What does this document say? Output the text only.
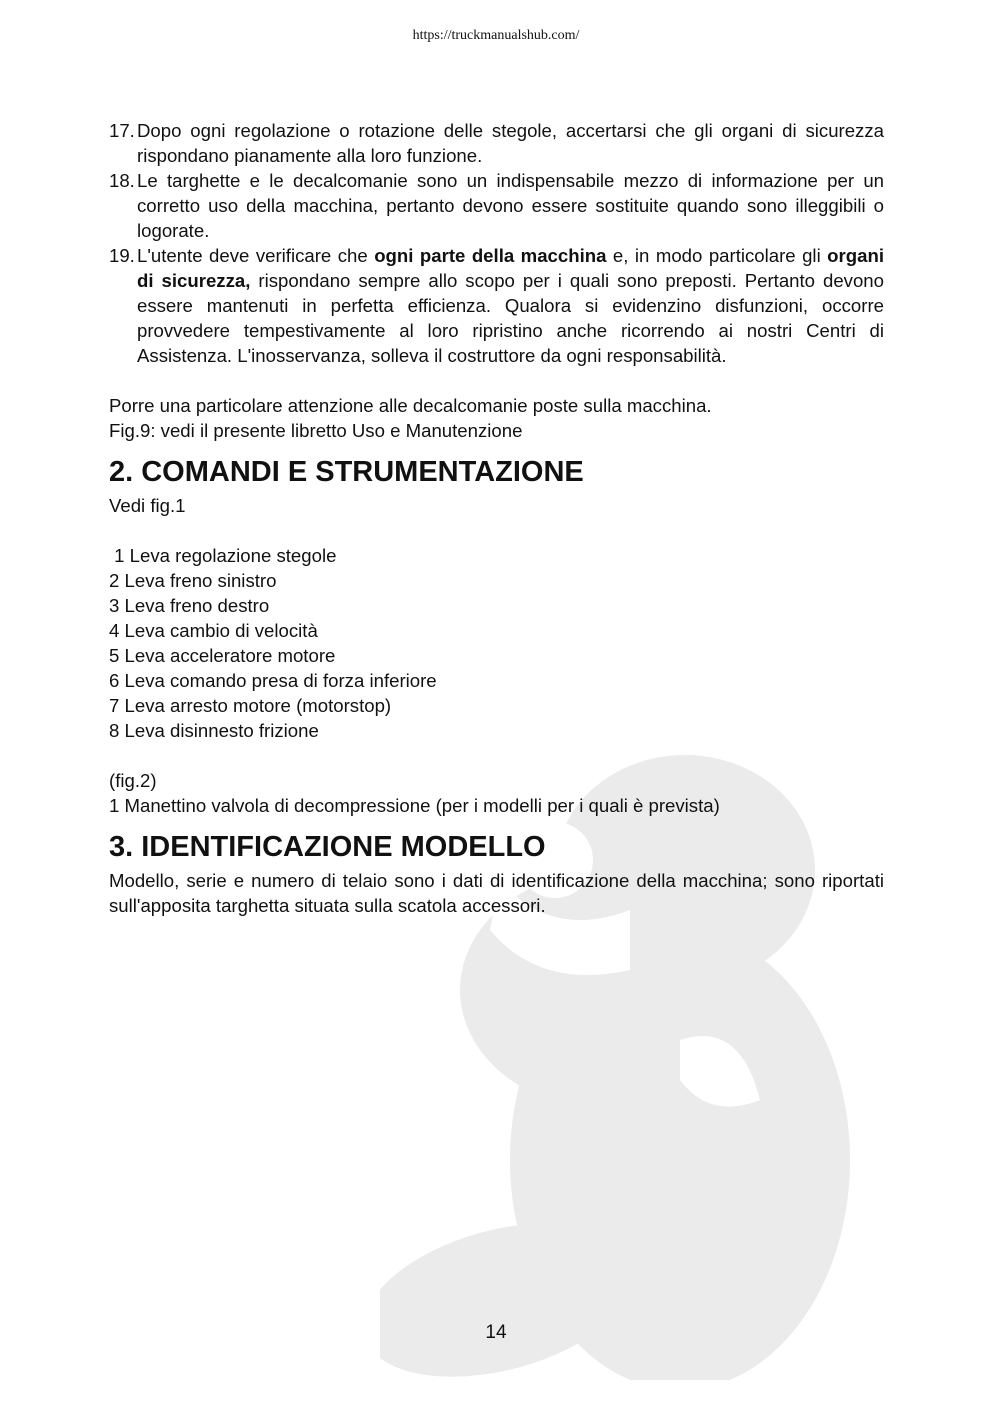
https://truckmanualshub.com/
17. Dopo ogni regolazione o rotazione delle stegole, accertarsi che gli organi di sicurezza rispondano pianamente alla loro funzione.
18. Le targhette e le decalcomanie sono un indispensabile mezzo di informazione per un corretto uso della macchina, pertanto devono essere sostituite quando sono illeggibili o logorate.
19. L'utente deve verificare che ogni parte della macchina e, in modo particolare gli organi di sicurezza, rispondano sempre allo scopo per i quali sono preposti. Pertanto devono essere mantenuti in perfetta efficienza. Qualora si evidenzino disfunzioni, occorre provvedere tempestivamente al loro ripristino anche ricorrendo ai nostri Centri di Assistenza. L'inosservanza, solleva il costruttore da ogni responsabilità.

Porre una particolare attenzione alle decalcomanie poste sulla macchina.

Fig.9: vedi il presente libretto Uso e Manutenzione

2. COMANDI E STRUMENTAZIONE

Vedi fig.1

1 Leva regolazione stegole
2 Leva freno sinistro
3 Leva freno destro
4 Leva cambio di velocità
5 Leva acceleratore motore
6 Leva comando presa di forza inferiore
7 Leva arresto motore (motorstop)
8 Leva disinnesto frizione

(fig.2)

1 Manettino valvola di decompressione (per i modelli per i quali è prevista)

3. IDENTIFICAZIONE MODELLO

Modello, serie e numero di telaio sono i dati di identificazione della macchina; sono riportati sull'apposita targhetta situata sulla scatola accessori.

14
